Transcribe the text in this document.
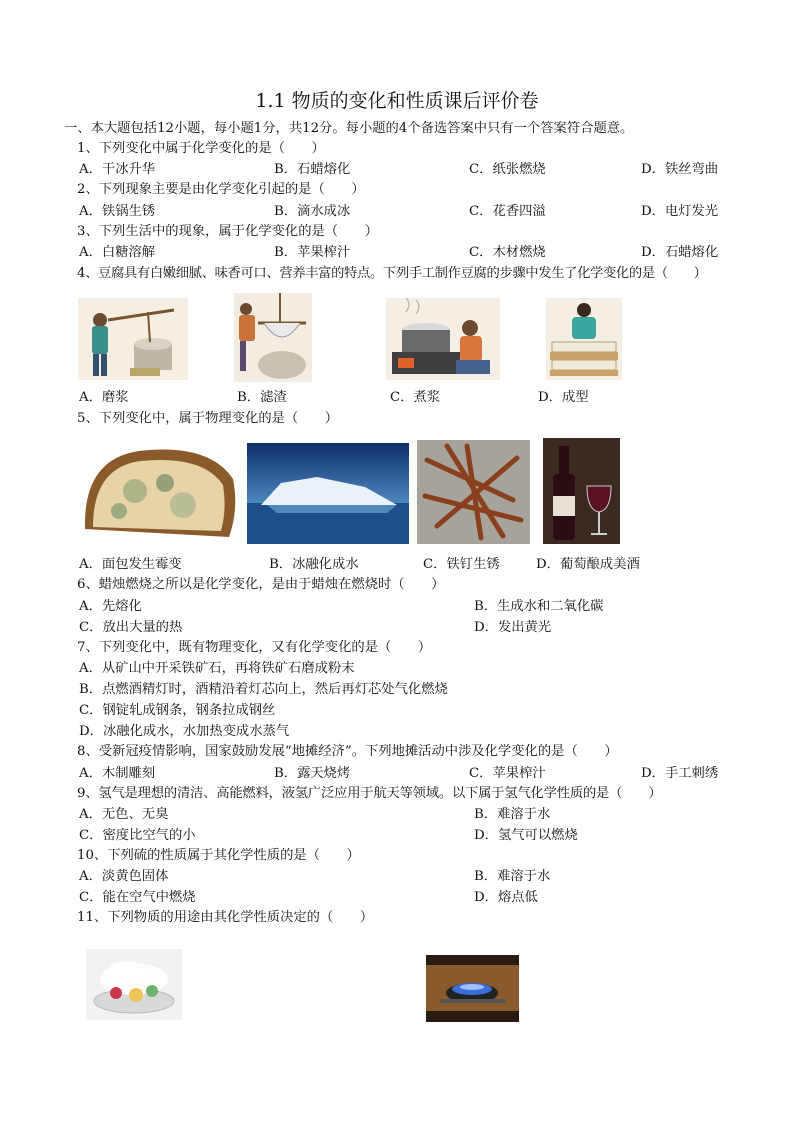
1.1 物质的变化和性质课后评价卷
一、本大题包括12小题，每小题1分，共12分。每小题的4个备选答案中只有一个答案符合题意。
1、下列变化中属于化学变化的是（　　）
A．干冰升华	B．石蜡熔化	C．纸张燃烧	D．铁丝弯曲
2、下列现象主要是由化学变化引起的是（　　）
A．铁锅生锈	B．滴水成冰	C．花香四溢	D．电灯发光
3、下列生活中的现象，属于化学变化的是（　　）
A．白糖溶解	B．苹果榨汁	C．木材燃烧	D．石蜡熔化
4、豆腐具有白嫩细腻、味香可口、营养丰富的特点。下列手工制作豆腐的步骤中发生了化学变化的是（　　）
A．磨浆	B．滤渣	C．煮浆	D．成型
5、下列变化中，属于物理变化的是（　　）
A．面包发生霉变	B．冰融化成水	C．铁钉生锈	D．葡萄酿成美酒
6、蜡烛燃烧之所以是化学变化，是由于蜡烛在燃烧时（　　）
A．先熔化	B．生成水和二氧化碳
C．放出大量的热	D．发出黄光
7、下列变化中，既有物理变化，又有化学变化的是（　　）
A．从矿山中开采铁矿石，再将铁矿石磨成粉末
B．点燃酒精灯时，酒精沿着灯芯向上，然后再灯芯处气化燃烧
C．钢锭轧成钢条，钢条拉成钢丝
D．冰融化成水，水加热变成水蒸气
8、受新冠疫情影响，国家鼓励发展“地摊经济”。下列地摊活动中涉及化学变化的是（　　）
A．木制雕刻	B．露天烧烤	C．苹果榨汁	D．手工刺绣
9、氢气是理想的清洁、高能燃料，液氢广泛应用于航天等领域。以下属于氢气化学性质的是（　　）
A．无色、无臭	B．难溶于水
C．密度比空气的小	D．氢气可以燃烧
10、下列硫的性质属于其化学性质的是（　　）
A．淡黄色固体	B．难溶于水
C．能在空气中燃烧	D．熔点低
11、下列物质的用途由其化学性质决定的（　　）
